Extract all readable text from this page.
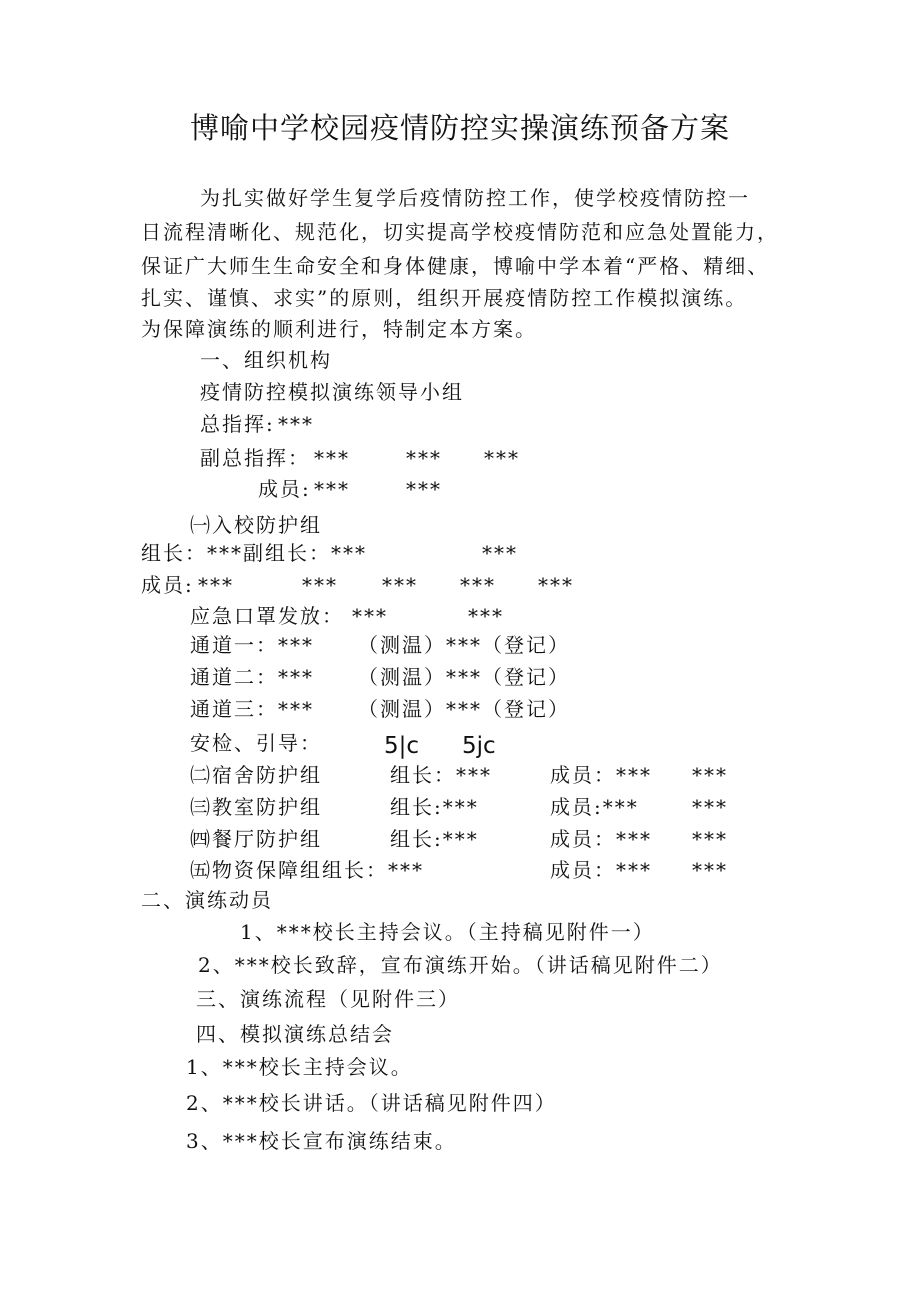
博喻中学校园疫情防控实操演练预备方案
为扎实做好学生复学后疫情防控工作，使学校疫情防控一
日流程清晰化、规范化，切实提高学校疫情防范和应急处置能力，
保证广大师生生命安全和身体健康，博喻中学本着“严格、精细、
扎实、谨慎、求实”的原则，组织开展疫情防控工作模拟演练。
为保障演练的顺利进行，特制定本方案。
一、组织机构
疫情防控模拟演练领导小组
总指挥: ***
副总指挥： ***	*** ***
成员: ***	***
㈠入校防护组
组长：***副组长：***	***
成员: ***	*** *** *** ***
应急口罩发放： ***	***
通道一：*** （测温）***（登记）
通道二：*** （测温）***（登记）
通道三：*** （测温）***（登记）
安检、引导：	5|c 5jc
㈡宿舍防护组	组长：***	成员：*** ***
㈢教室防护组	组长:***	成员:***	***
㈣餐厅防护组	组长:***	成员：*** ***
㈤物资保障组组长：***	成员：*** ***
二、演练动员
1、***校长主持会议。（主持稿见附件一）
2、***校长致辞，宣布演练开始。（讲话稿见附件二）
三、演练流程（见附件三）
四、模拟演练总结会
1、***校长主持会议。
2、***校长讲话。（讲话稿见附件四）
3、***校长宣布演练结束。
